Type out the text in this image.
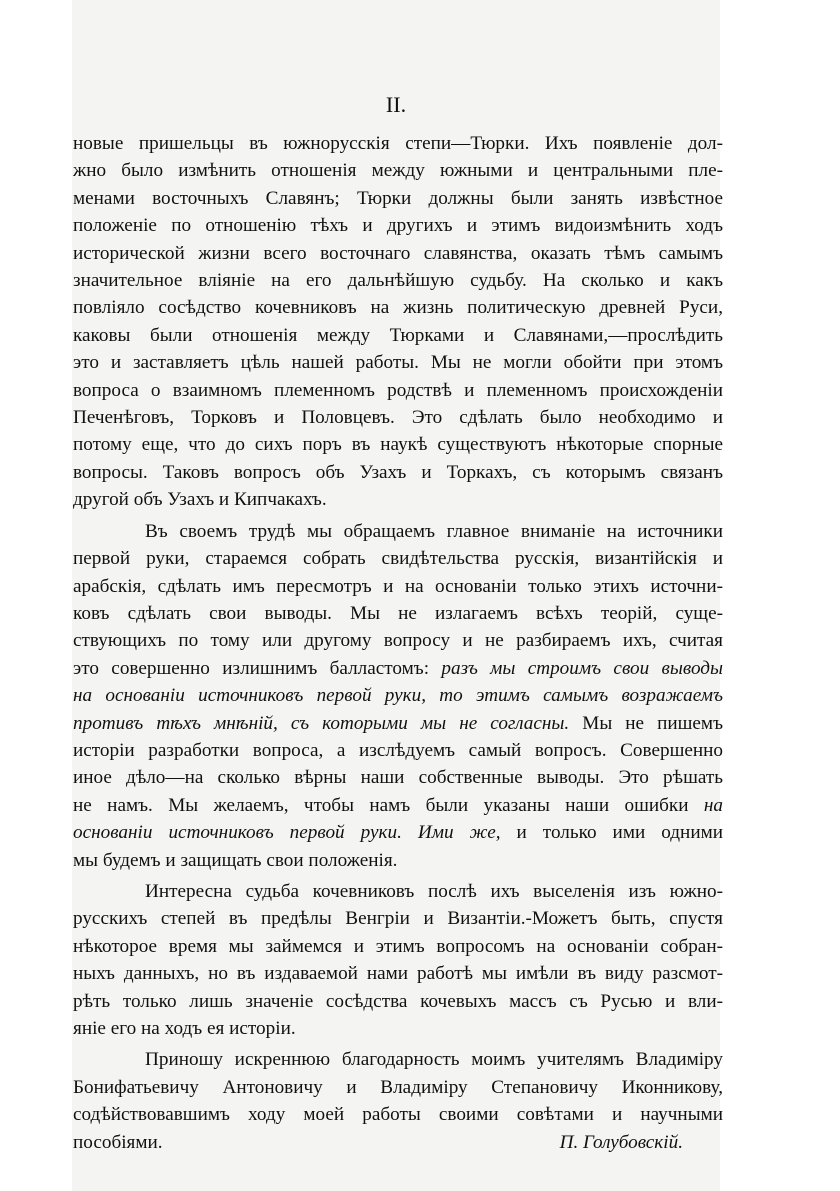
II.
новые пришельцы въ южнорусскія степи—Тюрки. Ихъ появленіе дол-
жно было измѣнить отношенія между южными и центральными пле-
менами восточныхъ Славянъ; Тюрки должны были занять извѣстное
положеніе по отношенію тѣхъ и другихъ и этимъ видоизмѣнить ходъ
исторической жизни всего восточнаго славянства, оказать тѣмъ самымъ
значительное вліяніе на его дальнѣйшую судьбу. На сколько и какъ
повліяло сосѣдство кочевниковъ на жизнь политическую древней Руси,
каковы были отношенія между Тюрками и Славянами,—прослѣдить
это и заставляетъ цѣль нашей работы. Мы не могли обойти при этомъ
вопроса о взаимномъ племенномъ родствѣ и племенномъ происхожденіи
Печенѣговъ, Торковъ и Половцевъ. Это сдѣлать было необходимо и
потому еще, что до сихъ поръ въ наукѣ существуютъ нѣкоторые спорные
вопросы. Таковъ вопросъ объ Узахъ и Торкахъ, съ которымъ связанъ
другой объ Узахъ и Кипчакахъ.
Въ своемъ трудѣ мы обращаемъ главное вниманіе на источники
первой руки, стараемся собрать свидѣтельства русскія, византійскія и
арабскія, сдѣлать имъ пересмотръ и на основаніи только этихъ источни-
ковъ сдѣлать свои выводы. Мы не излагаемъ всѣхъ теорій, суще-
ствующихъ по тому или другому вопросу и не разбираемъ ихъ, считая
это совершенно излишнимъ балластомъ: разъ мы строимъ свои выводы
на основаніи источниковъ первой руки, то этимъ самымъ возражаемъ
противъ тѣхъ мнѣній, съ которыми мы не согласны. Мы не пишемъ
исторіи разработки вопроса, а изслѣдуемъ самый вопросъ. Совершенно
иное дѣло—на сколько вѣрны наши собственные выводы. Это рѣшать
не намъ. Мы желаемъ, чтобы намъ были указаны наши ошибки на
основаніи источниковъ первой руки. Ими же, и только ими одними
мы будемъ и защищать свои положенія.
Интересна судьба кочевниковъ послѣ ихъ выселенія изъ южно-
русскихъ степей въ предѣлы Венгріи и Византіи.-Можетъ быть, спустя
нѣкоторое время мы займемся и этимъ вопросомъ на основаніи собран-
ныхъ данныхъ, но въ издаваемой нами работѣ мы имѣли въ виду разсмот-
рѣть только лишь значеніе сосѣдства кочевыхъ массъ съ Русью и вли-
яніе его на ходъ ея исторіи.
Приношу искреннюю благодарность моимъ учителямъ Владиміру
Бонифатьевичу Антоновичу и Владиміру Степановичу Иконникову,
содѣйствовавшимъ ходу моей работы своими совѣтами и научными
пособіями.	П. Голубовскій.
